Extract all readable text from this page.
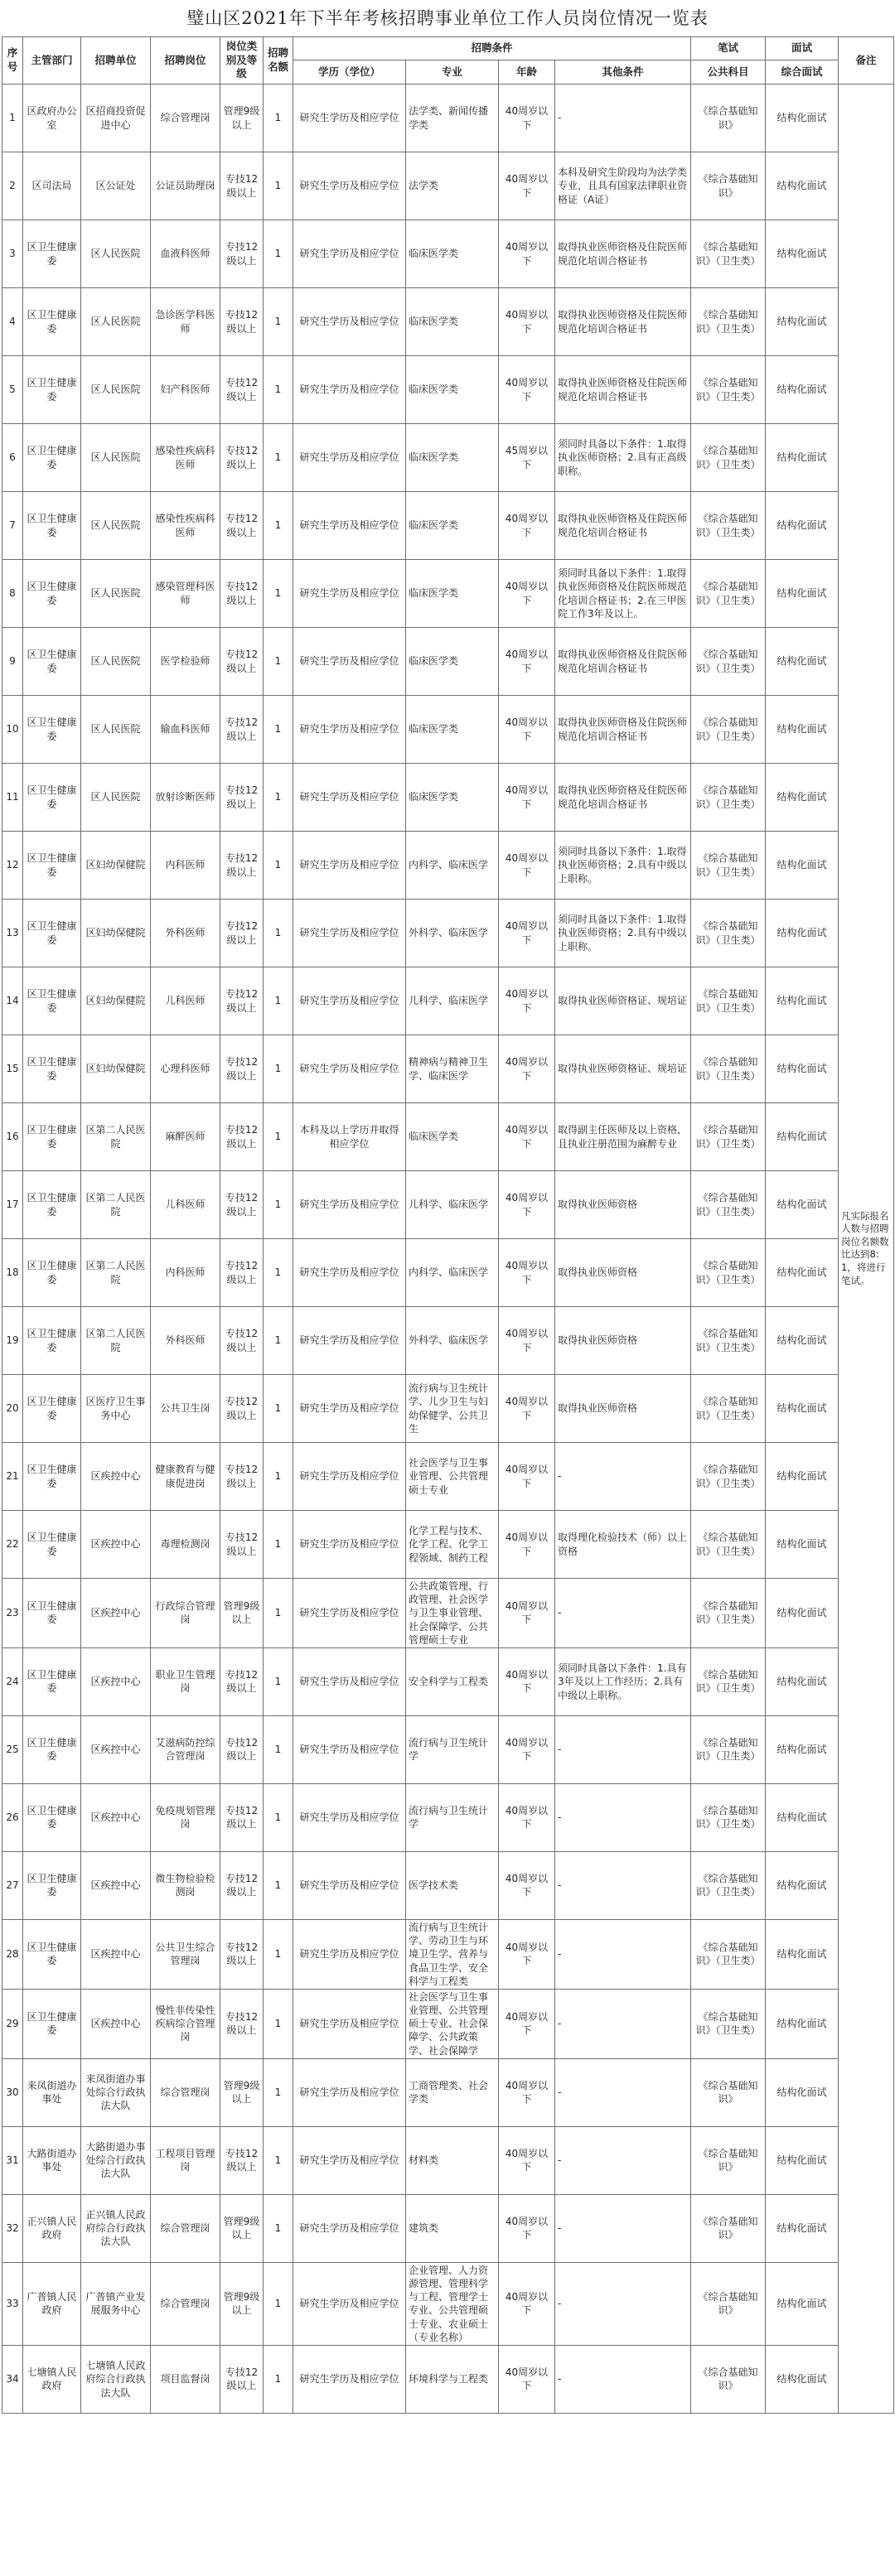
璧山区2021年下半年考核招聘事业单位工作人员岗位情况一览表
序号	主管部门	招聘单位	招聘岗位	岗位类别及等级	招聘名额	招聘条件				笔试	面试	备注
						学历（学位）	专业	年龄	其他条件	公共科目	综合面试	
1	区政府办公室	区招商投资促进中心	综合管理岗	管理9级以上	1	研究生学历及相应学位	法学类、新闻传播学类	40周岁以下	-	《综合基础知识》	结构化面试	凡实际报名人数与招聘岗位名额数比达到8:1，将进行笔试。
2	区司法局	区公证处	公证员助理岗	专技12级以上	1	研究生学历及相应学位	法学类	40周岁以下	本科及研究生阶段均为法学类专业，且具有国家法律职业资格证（A证）	《综合基础知识》	结构化面试	
3	区卫生健康委	区人民医院	血液科医师	专技12级以上	1	研究生学历及相应学位	临床医学类	40周岁以下	取得执业医师资格及住院医师规范化培训合格证书	《综合基础知识》（卫生类）	结构化面试	
4	区卫生健康委	区人民医院	急诊医学科医师	专技12级以上	1	研究生学历及相应学位	临床医学类	40周岁以下	取得执业医师资格及住院医师规范化培训合格证书	《综合基础知识》（卫生类）	结构化面试	
5	区卫生健康委	区人民医院	妇产科医师	专技12级以上	1	研究生学历及相应学位	临床医学类	40周岁以下	取得执业医师资格及住院医师规范化培训合格证书	《综合基础知识》（卫生类）	结构化面试	
6	区卫生健康委	区人民医院	感染性疾病科医师	专技12级以上	1	研究生学历及相应学位	临床医学类	45周岁以下	须同时具备以下条件：1.取得执业医师资格；2.具有正高级职称。	《综合基础知识》（卫生类）	结构化面试	
7	区卫生健康委	区人民医院	感染性疾病科医师	专技12级以上	1	研究生学历及相应学位	临床医学类	40周岁以下	取得执业医师资格及住院医师规范化培训合格证书	《综合基础知识》（卫生类）	结构化面试	
8	区卫生健康委	区人民医院	感染管理科医师	专技12级以上	1	研究生学历及相应学位	临床医学类	40周岁以下	须同时具备以下条件：1.取得执业医师资格及住院医师规范化培训合格证书；2.在三甲医院工作3年及以上。	《综合基础知识》（卫生类）	结构化面试	
9	区卫生健康委	区人民医院	医学检验师	专技12级以上	1	研究生学历及相应学位	临床医学类	40周岁以下	取得执业医师资格及住院医师规范化培训合格证书	《综合基础知识》（卫生类）	结构化面试	
10	区卫生健康委	区人民医院	输血科医师	专技12级以上	1	研究生学历及相应学位	临床医学类	40周岁以下	取得执业医师资格及住院医师规范化培训合格证书	《综合基础知识》（卫生类）	结构化面试	
11	区卫生健康委	区人民医院	放射诊断医师	专技12级以上	1	研究生学历及相应学位	临床医学类	40周岁以下	取得执业医师资格及住院医师规范化培训合格证书	《综合基础知识》（卫生类）	结构化面试	
12	区卫生健康委	区妇幼保健院	内科医师	专技12级以上	1	研究生学历及相应学位	内科学、临床医学	40周岁以下	须同时具备以下条件：1.取得执业医师资格；2.具有中级以上职称。	《综合基础知识》（卫生类）	结构化面试	
13	区卫生健康委	区妇幼保健院	外科医师	专技12级以上	1	研究生学历及相应学位	外科学、临床医学	40周岁以下	须同时具备以下条件：1.取得执业医师资格；2.具有中级以上职称。	《综合基础知识》（卫生类）	结构化面试	
14	区卫生健康委	区妇幼保健院	儿科医师	专技12级以上	1	研究生学历及相应学位	儿科学、临床医学	40周岁以下	取得执业医师资格证、规培证	《综合基础知识》（卫生类）	结构化面试	
15	区卫生健康委	区妇幼保健院	心理科医师	专技12级以上	1	研究生学历及相应学位	精神病与精神卫生学、临床医学	40周岁以下	取得执业医师资格证、规培证	《综合基础知识》（卫生类）	结构化面试	
16	区卫生健康委	区第二人民医院	麻醉医师	专技12级以上	1	本科及以上学历并取得相应学位	临床医学类	40周岁以下	取得副主任医师及以上资格，且执业注册范围为麻醉专业	《综合基础知识》（卫生类）	结构化面试	
17	区卫生健康委	区第二人民医院	儿科医师	专技12级以上	1	研究生学历及相应学位	儿科学、临床医学	40周岁以下	取得执业医师资格	《综合基础知识》（卫生类）	结构化面试	
18	区卫生健康委	区第二人民医院	内科医师	专技12级以上	1	研究生学历及相应学位	内科学、临床医学	40周岁以下	取得执业医师资格	《综合基础知识》（卫生类）	结构化面试	
19	区卫生健康委	区第二人民医院	外科医师	专技12级以上	1	研究生学历及相应学位	外科学、临床医学	40周岁以下	取得执业医师资格	《综合基础知识》（卫生类）	结构化面试	
20	区卫生健康委	区医疗卫生事务中心	公共卫生岗	专技12级以上	1	研究生学历及相应学位	流行病与卫生统计学、儿少卫生与妇幼保健学、公共卫生	40周岁以下	取得执业医师资格	《综合基础知识》（卫生类）	结构化面试	
21	区卫生健康委	区疾控中心	健康教育与健康促进岗	专技12级以上	1	研究生学历及相应学位	社会医学与卫生事业管理、公共管理硕士专业	40周岁以下	-	《综合基础知识》（卫生类）	结构化面试	
22	区卫生健康委	区疾控中心	毒理检测岗	专技12级以上	1	研究生学历及相应学位	化学工程与技术、化学工程、化学工程领域、制药工程	40周岁以下	取得理化检验技术（师）以上资格	《综合基础知识》（卫生类）	结构化面试	
23	区卫生健康委	区疾控中心	行政综合管理岗	管理9级以上	1	研究生学历及相应学位	公共政策管理、行政管理、社会医学与卫生事业管理、社会保障学、公共管理硕士专业	40周岁以下	-	《综合基础知识》（卫生类）	结构化面试	
24	区卫生健康委	区疾控中心	职业卫生管理岗	专技12级以上	1	研究生学历及相应学位	安全科学与工程类	40周岁以下	须同时具备以下条件：1.具有3年及以上工作经历；2.具有中级以上职称。	《综合基础知识》（卫生类）	结构化面试	
25	区卫生健康委	区疾控中心	艾滋病防控综合管理岗	专技12级以上	1	研究生学历及相应学位	流行病与卫生统计学	40周岁以下	-	《综合基础知识》（卫生类）	结构化面试	
26	区卫生健康委	区疾控中心	免疫规划管理岗	专技12级以上	1	研究生学历及相应学位	流行病与卫生统计学	40周岁以下	-	《综合基础知识》（卫生类）	结构化面试	
27	区卫生健康委	区疾控中心	微生物检验检测岗	专技12级以上	1	研究生学历及相应学位	医学技术类	40周岁以下	-	《综合基础知识》（卫生类）	结构化面试	
28	区卫生健康委	区疾控中心	公共卫生综合管理岗	专技12级以上	1	研究生学历及相应学位	流行病与卫生统计学、劳动卫生与环境卫生学、营养与食品卫生学、安全科学与工程类	40周岁以下	-	《综合基础知识》（卫生类）	结构化面试	
29	区卫生健康委	区疾控中心	慢性非传染性疾病综合管理岗	专技12级以上	1	研究生学历及相应学位	社会医学与卫生事业管理、公共管理硕士专业、社会保障学、公共政策学、社会保障学	40周岁以下	-	《综合基础知识》（卫生类）	结构化面试	
30	来凤街道办事处	来凤街道办事处综合行政执法大队	综合管理岗	管理9级以上	1	研究生学历及相应学位	工商管理类、社会学类	40周岁以下	-	《综合基础知识》	结构化面试	
31	大路街道办事处	大路街道办事处综合行政执法大队	工程项目管理岗	专技12级以上	1	研究生学历及相应学位	材料类	40周岁以下	-	《综合基础知识》	结构化面试	
32	正兴镇人民政府	正兴镇人民政府综合行政执法大队	综合管理岗	管理9级以上	1	研究生学历及相应学位	建筑类	40周岁以下	-	《综合基础知识》	结构化面试	
33	广普镇人民政府	广普镇产业发展服务中心	综合管理岗	管理9级以上	1	研究生学历及相应学位	企业管理、人力资源管理、管理科学与工程、管理学士专业、公共管理硕士专业、农业硕士（专业名称）	40周岁以下	-	《综合基础知识》	结构化面试	
34	七塘镇人民政府	七塘镇人民政府综合行政执法大队	项目监督岗	专技12级以上	1	研究生学历及相应学位	环境科学与工程类	40周岁以下	-	《综合基础知识》	结构化面试	
